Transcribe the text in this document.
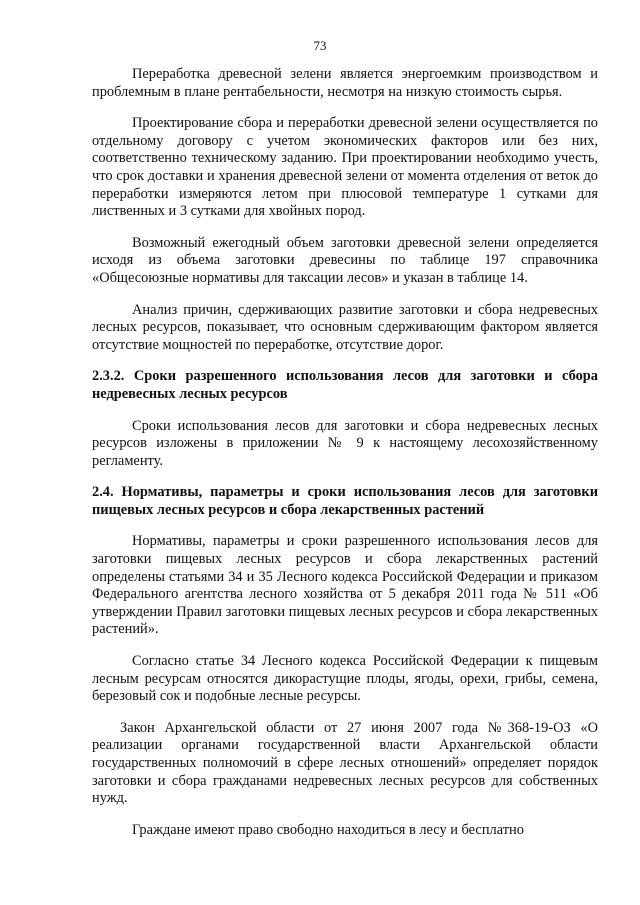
73

Переработка древесной зелени является энергоемким производством и проблемным в плане рентабельности, несмотря на низкую стоимость сырья.

Проектирование сбора и переработки древесной зелени осуществляется по отдельному договору с учетом экономических факторов или без них, соответственно техническому заданию. При проектировании необходимо учесть, что срок доставки и хранения древесной зелени от момента отделения от веток до переработки измеряются летом при плюсовой температуре 1 сутками для лиственных и 3 сутками для хвойных пород.

Возможный ежегодный объем заготовки древесной зелени определяется исходя из объема заготовки древесины по таблице 197 справочника «Общесоюзные нормативы для таксации лесов» и указан в таблице 14.

Анализ причин, сдерживающих развитие заготовки и сбора недревесных лесных ресурсов, показывает, что основным сдерживающим фактором является отсутствие мощностей по переработке, отсутствие дорог.

2.3.2. Сроки разрешенного использования лесов для заготовки и сбора недревесных лесных ресурсов

Сроки использования лесов для заготовки и сбора недревесных лесных ресурсов изложены в приложении № 9 к настоящему лесохозяйственному регламенту.

2.4. Нормативы, параметры и сроки использования лесов для заготовки пищевых лесных ресурсов и сбора лекарственных растений

Нормативы, параметры и сроки разрешенного использования лесов для заготовки пищевых лесных ресурсов и сбора лекарственных растений определены статьями 34 и 35 Лесного кодекса Российской Федерации и приказом Федерального агентства лесного хозяйства от 5 декабря 2011 года № 511 «Об утверждении Правил заготовки пищевых лесных ресурсов и сбора лекарственных растений».

Согласно статье 34 Лесного кодекса Российской Федерации к пищевым лесным ресурсам относятся дикорастущие плоды, ягоды, орехи, грибы, семена, березовый сок и подобные лесные ресурсы.

Закон Архангельской области от 27 июня 2007 года №368-19-ОЗ «О реализации органами государственной власти Архангельской области государственных полномочий в сфере лесных отношений» определяет порядок заготовки и сбора гражданами недревесных лесных ресурсов для собственных нужд.

Граждане имеют право свободно находиться в лесу и бесплатно
